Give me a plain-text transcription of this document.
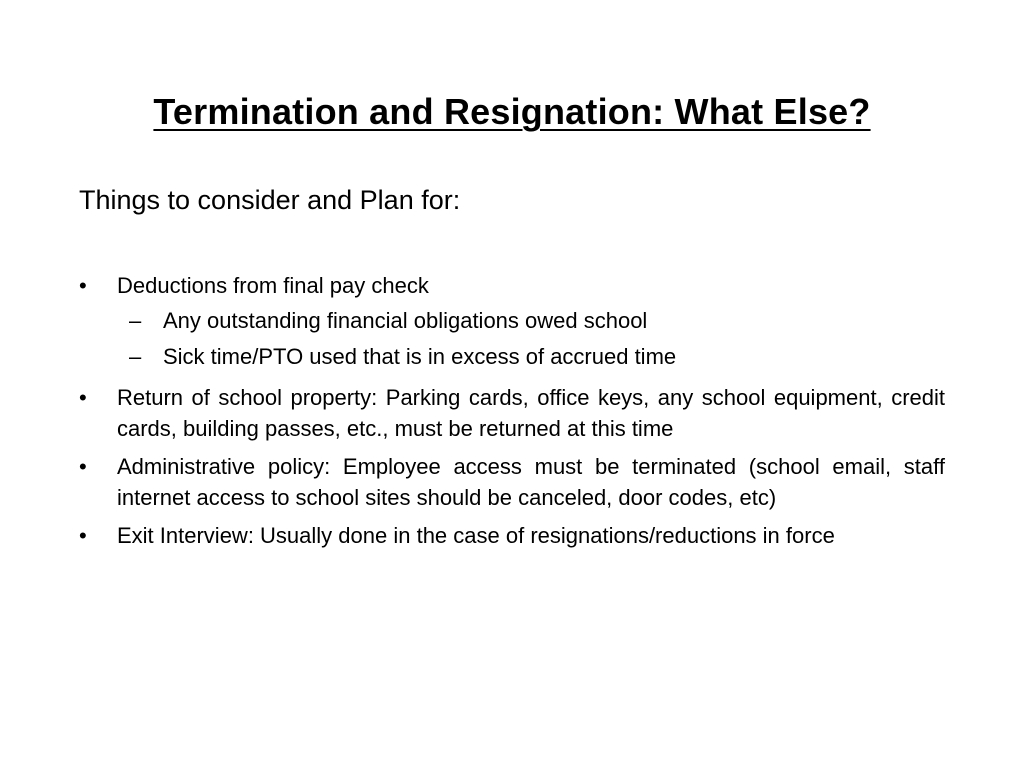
Termination and Resignation: What Else?
Things to consider and Plan for:
•	Deductions from final pay check
– Any outstanding financial obligations owed school
– Sick time/PTO used that is in excess of accrued time
•	Return of school property: Parking cards, office keys, any school equipment, credit cards, building passes, etc., must be returned at this time
•	Administrative policy: Employee access must be terminated (school email, staff internet access to school sites should be canceled, door codes, etc)
•	Exit Interview: Usually done in the case of resignations/reductions in force
